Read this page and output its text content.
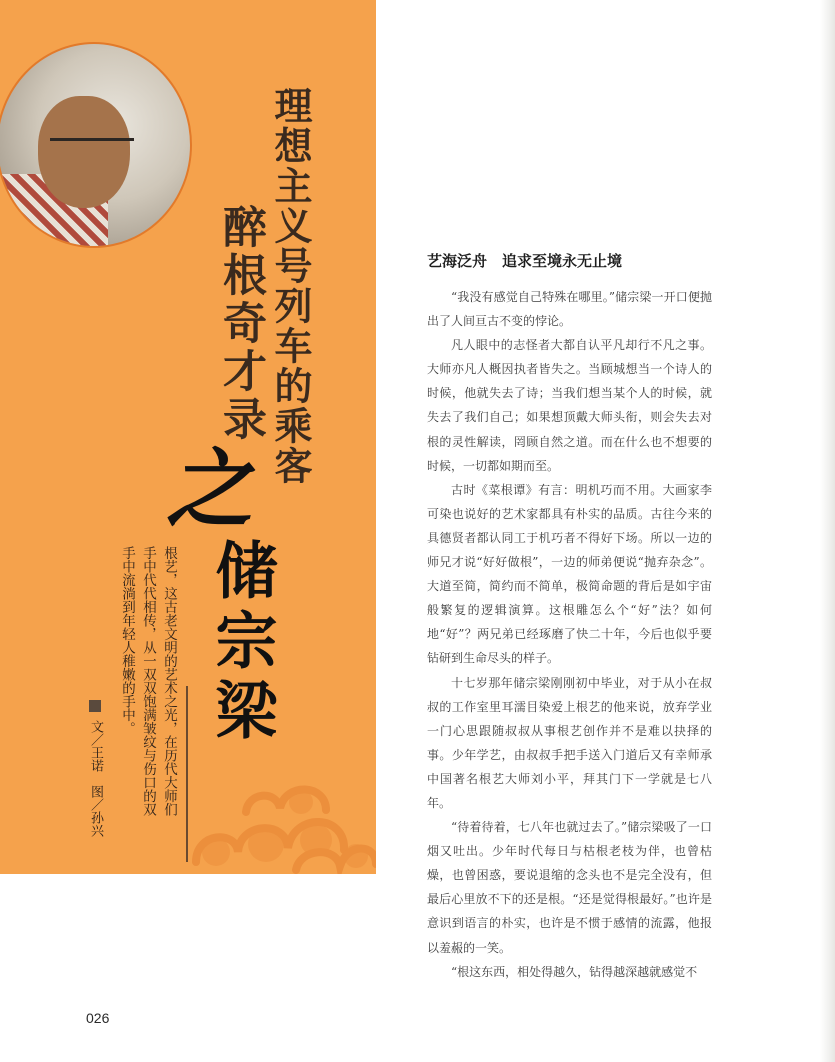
理想主义号列车的乘客
醉根奇才录
之
储宗梁

根艺，这古老文明的艺术之光，在历代大师们手中代代相传，从一双双饱满皱纹与伤口的双手中流淌到年轻人稚嫩的手中。

文／王诺　图／孙兴
艺海泛舟　追求至境永无止境

“我没有感觉自己特殊在哪里。”储宗梁一开口便抛出了人间亘古不变的悖论。

凡人眼中的志怪者大都自认平凡却行不凡之事。大师亦凡人概因执者皆失之。当顾城想当一个诗人的时候，他就失去了诗；当我们想当某个人的时候，就失去了我们自己；如果想顶戴大师头衔，则会失去对根的灵性解读，罔顾自然之道。而在什么也不想要的时候，一切都如期而至。

古时《菜根谭》有言：明机巧而不用。大画家李可染也说好的艺术家都具有朴实的品质。古往今来的具德贤者都认同工于机巧者不得好下场。所以一边的师兄才说“好好做根”，一边的师弟便说“抛弃杂念”。大道至简，简约而不简单，极简命题的背后是如宇宙般繁复的逻辑演算。这根雕怎么个“好”法？如何地“好”？两兄弟已经琢磨了快二十年，今后也似乎要钻研到生命尽头的样子。

十七岁那年储宗梁刚刚初中毕业，对于从小在叔叔的工作室里耳濡目染爱上根艺的他来说，放弃学业一门心思跟随叔叔从事根艺创作并不是难以抉择的事。少年学艺，由叔叔手把手送入门道后又有幸师承中国著名根艺大师刘小平，拜其门下一学就是七八年。

“待着待着，七八年也就过去了。”储宗梁吸了一口烟又吐出。少年时代每日与枯根老枝为伴，也曾枯燥，也曾困惑，要说退缩的念头也不是完全没有，但最后心里放不下的还是根。“还是觉得根最好。”也许是意识到语言的朴实，也许是不惯于感情的流露，他报以羞赧的一笑。

“根这东西，相处得越久，钻得越深越就感觉不

026
